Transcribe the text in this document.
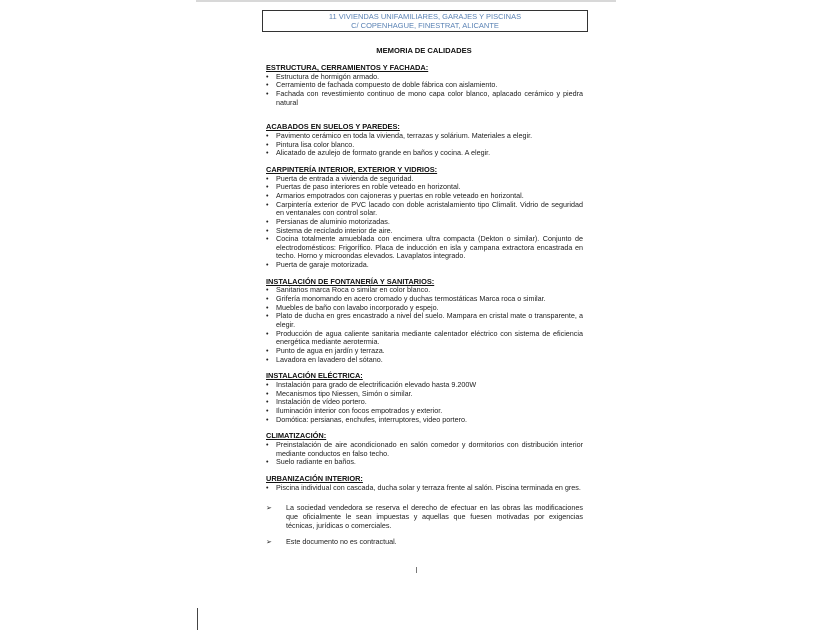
11 VIVIENDAS UNIFAMILIARES, GARAJES Y PISCINAS
C/ COPENHAGUE, FINESTRAT, ALICANTE
MEMORIA DE CALIDADES
ESTRUCTURA, CERRAMIENTOS Y FACHADA:
• Estructura de hormigón armado.
• Cerramiento de fachada compuesto de doble fábrica con aislamiento.
• Fachada con revestimiento continuo de mono capa color blanco, aplacado cerámico y piedra natural
ACABADOS EN SUELOS Y PAREDES:
• Pavimento cerámico en toda la vivienda, terrazas y solárium. Materiales a elegir.
• Pintura lisa color blanco.
• Alicatado de azulejo de formato grande en baños y cocina. A elegir.
CARPINTERÍA INTERIOR, EXTERIOR Y VIDRIOS:
• Puerta de entrada a vivienda de seguridad.
• Puertas de paso interiores en roble veteado en horizontal.
• Armarios empotrados con cajoneras y puertas en roble veteado en horizontal.
• Carpintería exterior de PVC lacado con doble acristalamiento tipo Climalit. Vidrio de seguridad en ventanales con control solar.
• Persianas de aluminio motorizadas.
• Sistema de reciclado interior de aire.
• Cocina totalmente amueblada con encimera ultra compacta (Dekton o similar). Conjunto de electrodomésticos: Frigorífico. Placa de inducción en isla y campana extractora encastrada en techo. Horno y microondas elevados. Lavaplatos integrado.
• Puerta de garaje motorizada.
INSTALACIÓN DE FONTANERÍA Y SANITARIOS:
• Sanitarios marca Roca o similar en color blanco.
• Grifería monomando en acero cromado y duchas termostáticas Marca roca o similar.
• Muebles de baño con lavabo incorporado y espejo.
• Plato de ducha en gres encastrado a nivel del suelo. Mampara en cristal mate o transparente, a elegir.
• Producción de agua caliente sanitaria mediante calentador eléctrico con sistema de eficiencia energética mediante aerotermia.
• Punto de agua en jardín y terraza.
• Lavadora en lavadero del sótano.
INSTALACIÓN ELÉCTRICA:
• Instalación para grado de electrificación elevado hasta 9.200W
• Mecanismos tipo Niessen, Simón o similar.
• Instalación de vídeo portero.
• Iluminación interior con focos empotrados y exterior.
• Domótica: persianas, enchufes, interruptores, video portero.
CLIMATIZACIÓN:
• Preinstalación de aire acondicionado en salón comedor y dormitorios con distribución interior mediante conductos en falso techo.
• Suelo radiante en baños.
URBANIZACIÓN INTERIOR:
• Piscina individual con cascada, ducha solar y terraza frente al salón. Piscina terminada en gres.
➢ La sociedad vendedora se reserva el derecho de efectuar en las obras las modificaciones que oficialmente le sean impuestas y aquellas que fuesen motivadas por exigencias técnicas, jurídicas o comerciales.
➢ Este documento no es contractual.
